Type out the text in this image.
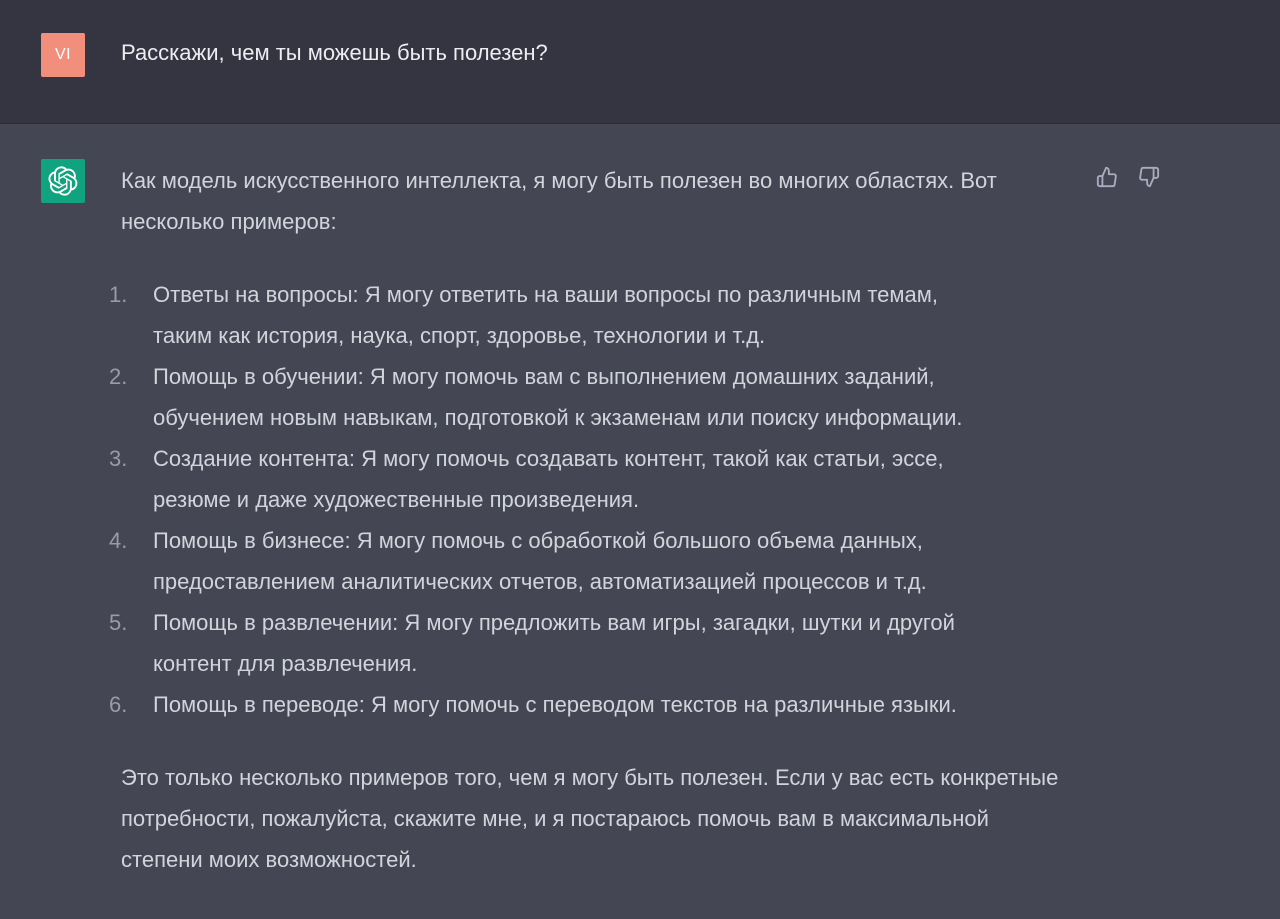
VI Расскажи, чем ты можешь быть полезен?

Как модель искусственного интеллекта, я могу быть полезен во многих областях. Вот несколько примеров:

1. Ответы на вопросы: Я могу ответить на ваши вопросы по различным темам,
таким как история, наука, спорт, здоровье, технологии и т.д.
2. Помощь в обучении: Я могу помочь вам с выполнением домашних заданий,
обучением новым навыкам, подготовкой к экзаменам или поиску информации.
3. Создание контента: Я могу помочь создавать контент, такой как статьи, эссе,
резюме и даже художественные произведения.
4. Помощь в бизнесе: Я могу помочь с обработкой большого объема данных,
предоставлением аналитических отчетов, автоматизацией процессов и т.д.
5. Помощь в развлечении: Я могу предложить вам игры, загадки, шутки и другой
контент для развлечения.
6. Помощь в переводе: Я могу помочь с переводом текстов на различные языки.

Это только несколько примеров того, чем я могу быть полезен. Если у вас есть конкретные потребности, пожалуйста, скажите мне, и я постараюсь помочь вам в максимальной степени моих возможностей.
